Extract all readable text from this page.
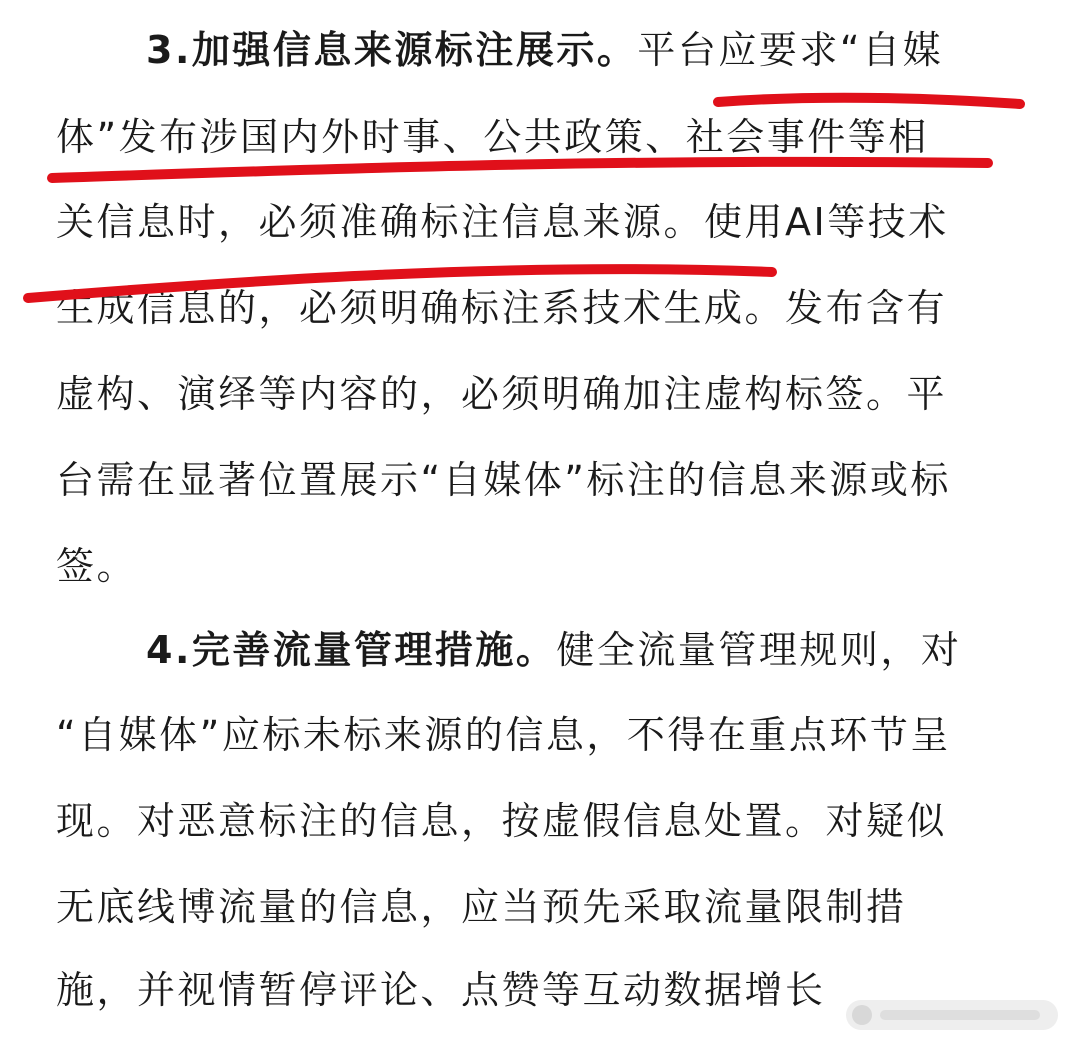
3.加强信息来源标注展示。平台应要求“自媒
体”发布涉国内外时事、公共政策、社会事件等相
关信息时，必须准确标注信息来源。使用AI等技术
生成信息的，必须明确标注系技术生成。发布含有
虚构、演绎等内容的，必须明确加注虚构标签。平
台需在显著位置展示“自媒体”标注的信息来源或标
签。
4.完善流量管理措施。健全流量管理规则，对
“自媒体”应标未标来源的信息，不得在重点环节呈
现。对恶意标注的信息，按虚假信息处置。对疑似
无底线博流量的信息，应当预先采取流量限制措
施，并视情暂停评论、点赞等互动数据增长
